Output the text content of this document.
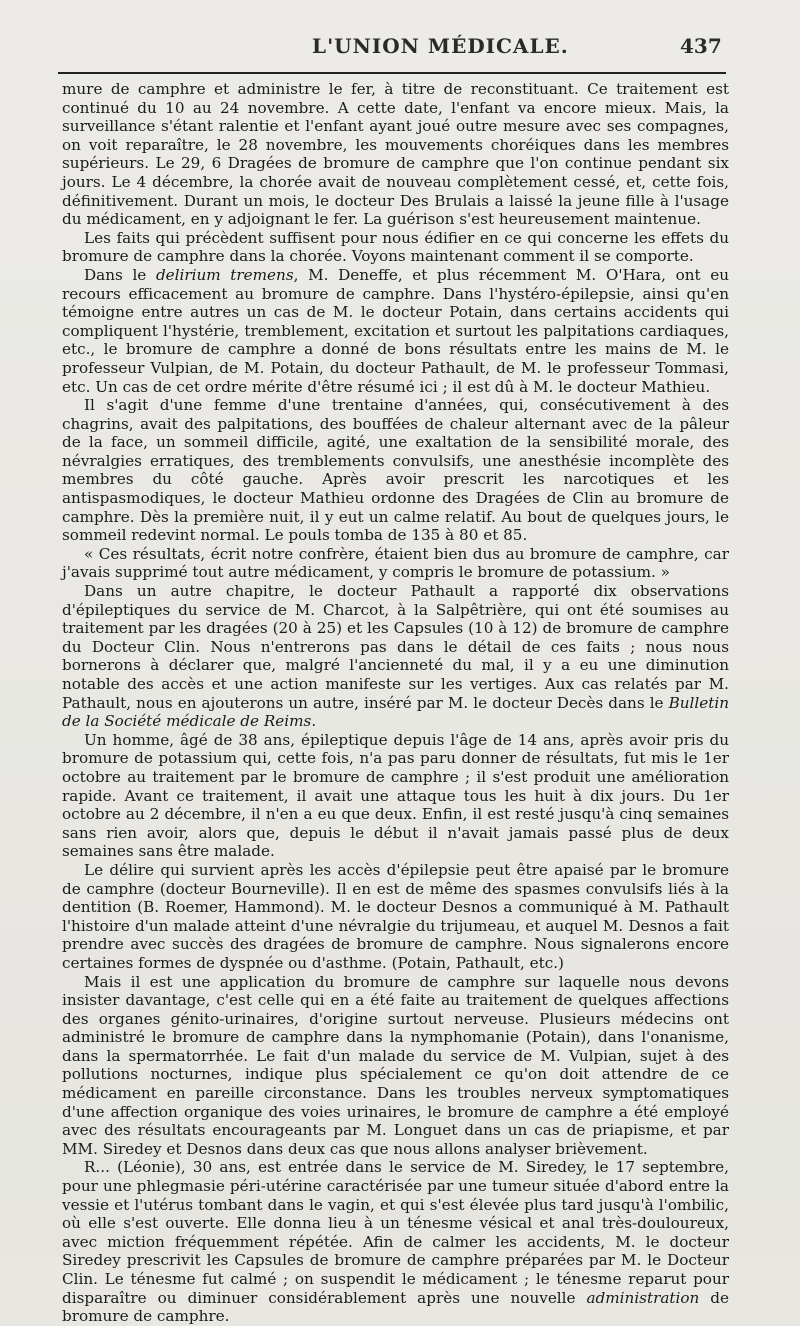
L'UNION MÉDICALE.	437

mure de camphre et administre le fer, à titre de reconstituant. Ce traitement est continué du 10 au 24 novembre. A cette date, l'enfant va encore mieux. Mais, la surveillance s'étant ralentie et l'enfant ayant joué outre mesure avec ses compagnes, on voit reparaître, le 28 novembre, les mouvements choréiques dans les membres supérieurs. Le 29, 6 Dragées de bromure de camphre que l'on continue pendant six jours. Le 4 décembre, la chorée avait de nouveau complètement cessé, et, cette fois, définitivement. Durant un mois, le docteur Des Brulais a laissé la jeune fille à l'usage du médicament, en y adjoignant le fer. La guérison s'est heureusement maintenue.

Les faits qui précèdent suffisent pour nous édifier en ce qui concerne les effets du bromure de camphre dans la chorée. Voyons maintenant comment il se comporte.

Dans le delirium tremens, M. Deneffe, et plus récemment M. O'Hara, ont eu recours efficacement au bromure de camphre. Dans l'hystéro-épilepsie, ainsi qu'en témoigne entre autres un cas de M. le docteur Potain, dans certains accidents qui compliquent l'hystérie, tremblement, excitation et surtout les palpitations cardiaques, etc., le bromure de camphre a donné de bons résultats entre les mains de M. le professeur Vulpian, de M. Potain, du docteur Pathault, de M. le professeur Tommasi, etc. Un cas de cet ordre mérite d'être résumé ici ; il est dû à M. le docteur Mathieu.

Il s'agit d'une femme d'une trentaine d'années, qui, consécutivement à des chagrins, avait des palpitations, des bouffées de chaleur alternant avec de la pâleur de la face, un sommeil difficile, agité, une exaltation de la sensibilité morale, des névralgies erratiques, des tremblements convulsifs, une anesthésie incomplète des membres du côté gauche. Après avoir prescrit les narcotiques et les antispasmodiques, le docteur Mathieu ordonne des Dragées de Clin au bromure de camphre. Dès la première nuit, il y eut un calme relatif. Au bout de quelques jours, le sommeil redevint normal. Le pouls tomba de 135 à 80 et 85.

« Ces résultats, écrit notre confrère, étaient bien dus au bromure de camphre, car j'avais supprimé tout autre médicament, y compris le bromure de potassium. »

Dans un autre chapitre, le docteur Pathault a rapporté dix observations d'épileptiques du service de M. Charcot, à la Salpêtrière, qui ont été soumises au traitement par les dragées (20 à 25) et les Capsules (10 à 12) de bromure de camphre du Docteur Clin. Nous n'entrerons pas dans le détail de ces faits ; nous nous bornerons à déclarer que, malgré l'ancienneté du mal, il y a eu une diminution notable des accès et une action manifeste sur les vertiges. Aux cas relatés par M. Pathault, nous en ajouterons un autre, inséré par M. le docteur Decès dans le Bulletin de la Société médicale de Reims.

Un homme, âgé de 38 ans, épileptique depuis l'âge de 14 ans, après avoir pris du bromure de potassium qui, cette fois, n'a pas paru donner de résultats, fut mis le 1er octobre au traitement par le bromure de camphre ; il s'est produit une amélioration rapide. Avant ce traitement, il avait une attaque tous les huit à dix jours. Du 1er octobre au 2 décembre, il n'en a eu que deux. Enfin, il est resté jusqu'à cinq semaines sans rien avoir, alors que, depuis le début il n'avait jamais passé plus de deux semaines sans être malade.

Le délire qui survient après les accès d'épilepsie peut être apaisé par le bromure de camphre (docteur Bourneville). Il en est de même des spasmes convulsifs liés à la dentition (B. Roemer, Hammond). M. le docteur Desnos a communiqué à M. Pathault l'histoire d'un malade atteint d'une névralgie du trijumeau, et auquel M. Desnos a fait prendre avec succès des dragées de bromure de camphre. Nous signalerons encore certaines formes de dyspnée ou d'asthme. (Potain, Pathault, etc.)

Mais il est une application du bromure de camphre sur laquelle nous devons insister davantage, c'est celle qui en a été faite au traitement de quelques affections des organes génito-urinaires, d'origine surtout nerveuse. Plusieurs médecins ont administré le bromure de camphre dans la nymphomanie (Potain), dans l'onanisme, dans la spermatorrhée. Le fait d'un malade du service de M. Vulpian, sujet à des pollutions nocturnes, indique plus spécialement ce qu'on doit attendre de ce médicament en pareille circonstance. Dans les troubles nerveux symptomatiques d'une affection organique des voies urinaires, le bromure de camphre a été employé avec des résultats encourageants par M. Longuet dans un cas de priapisme, et par MM. Siredey et Desnos dans deux cas que nous allons analyser brièvement.

R... (Léonie), 30 ans, est entrée dans le service de M. Siredey, le 17 septembre, pour une phlegmasie péri-utérine caractérisée par une tumeur située d'abord entre la vessie et l'utérus tombant dans le vagin, et qui s'est élevée plus tard jusqu'à l'ombilic, où elle s'est ouverte. Elle donna lieu à un ténesme vésical et anal très-douloureux, avec miction fréquemment répétée. Afin de calmer les accidents, M. le docteur Siredey prescrivit les Capsules de bromure de camphre préparées par M. le Docteur Clin. Le ténesme fut calmé ; on suspendit le médicament ; le ténesme reparut pour disparaître ou diminuer considérablement après une nouvelle administration de bromure de camphre.
